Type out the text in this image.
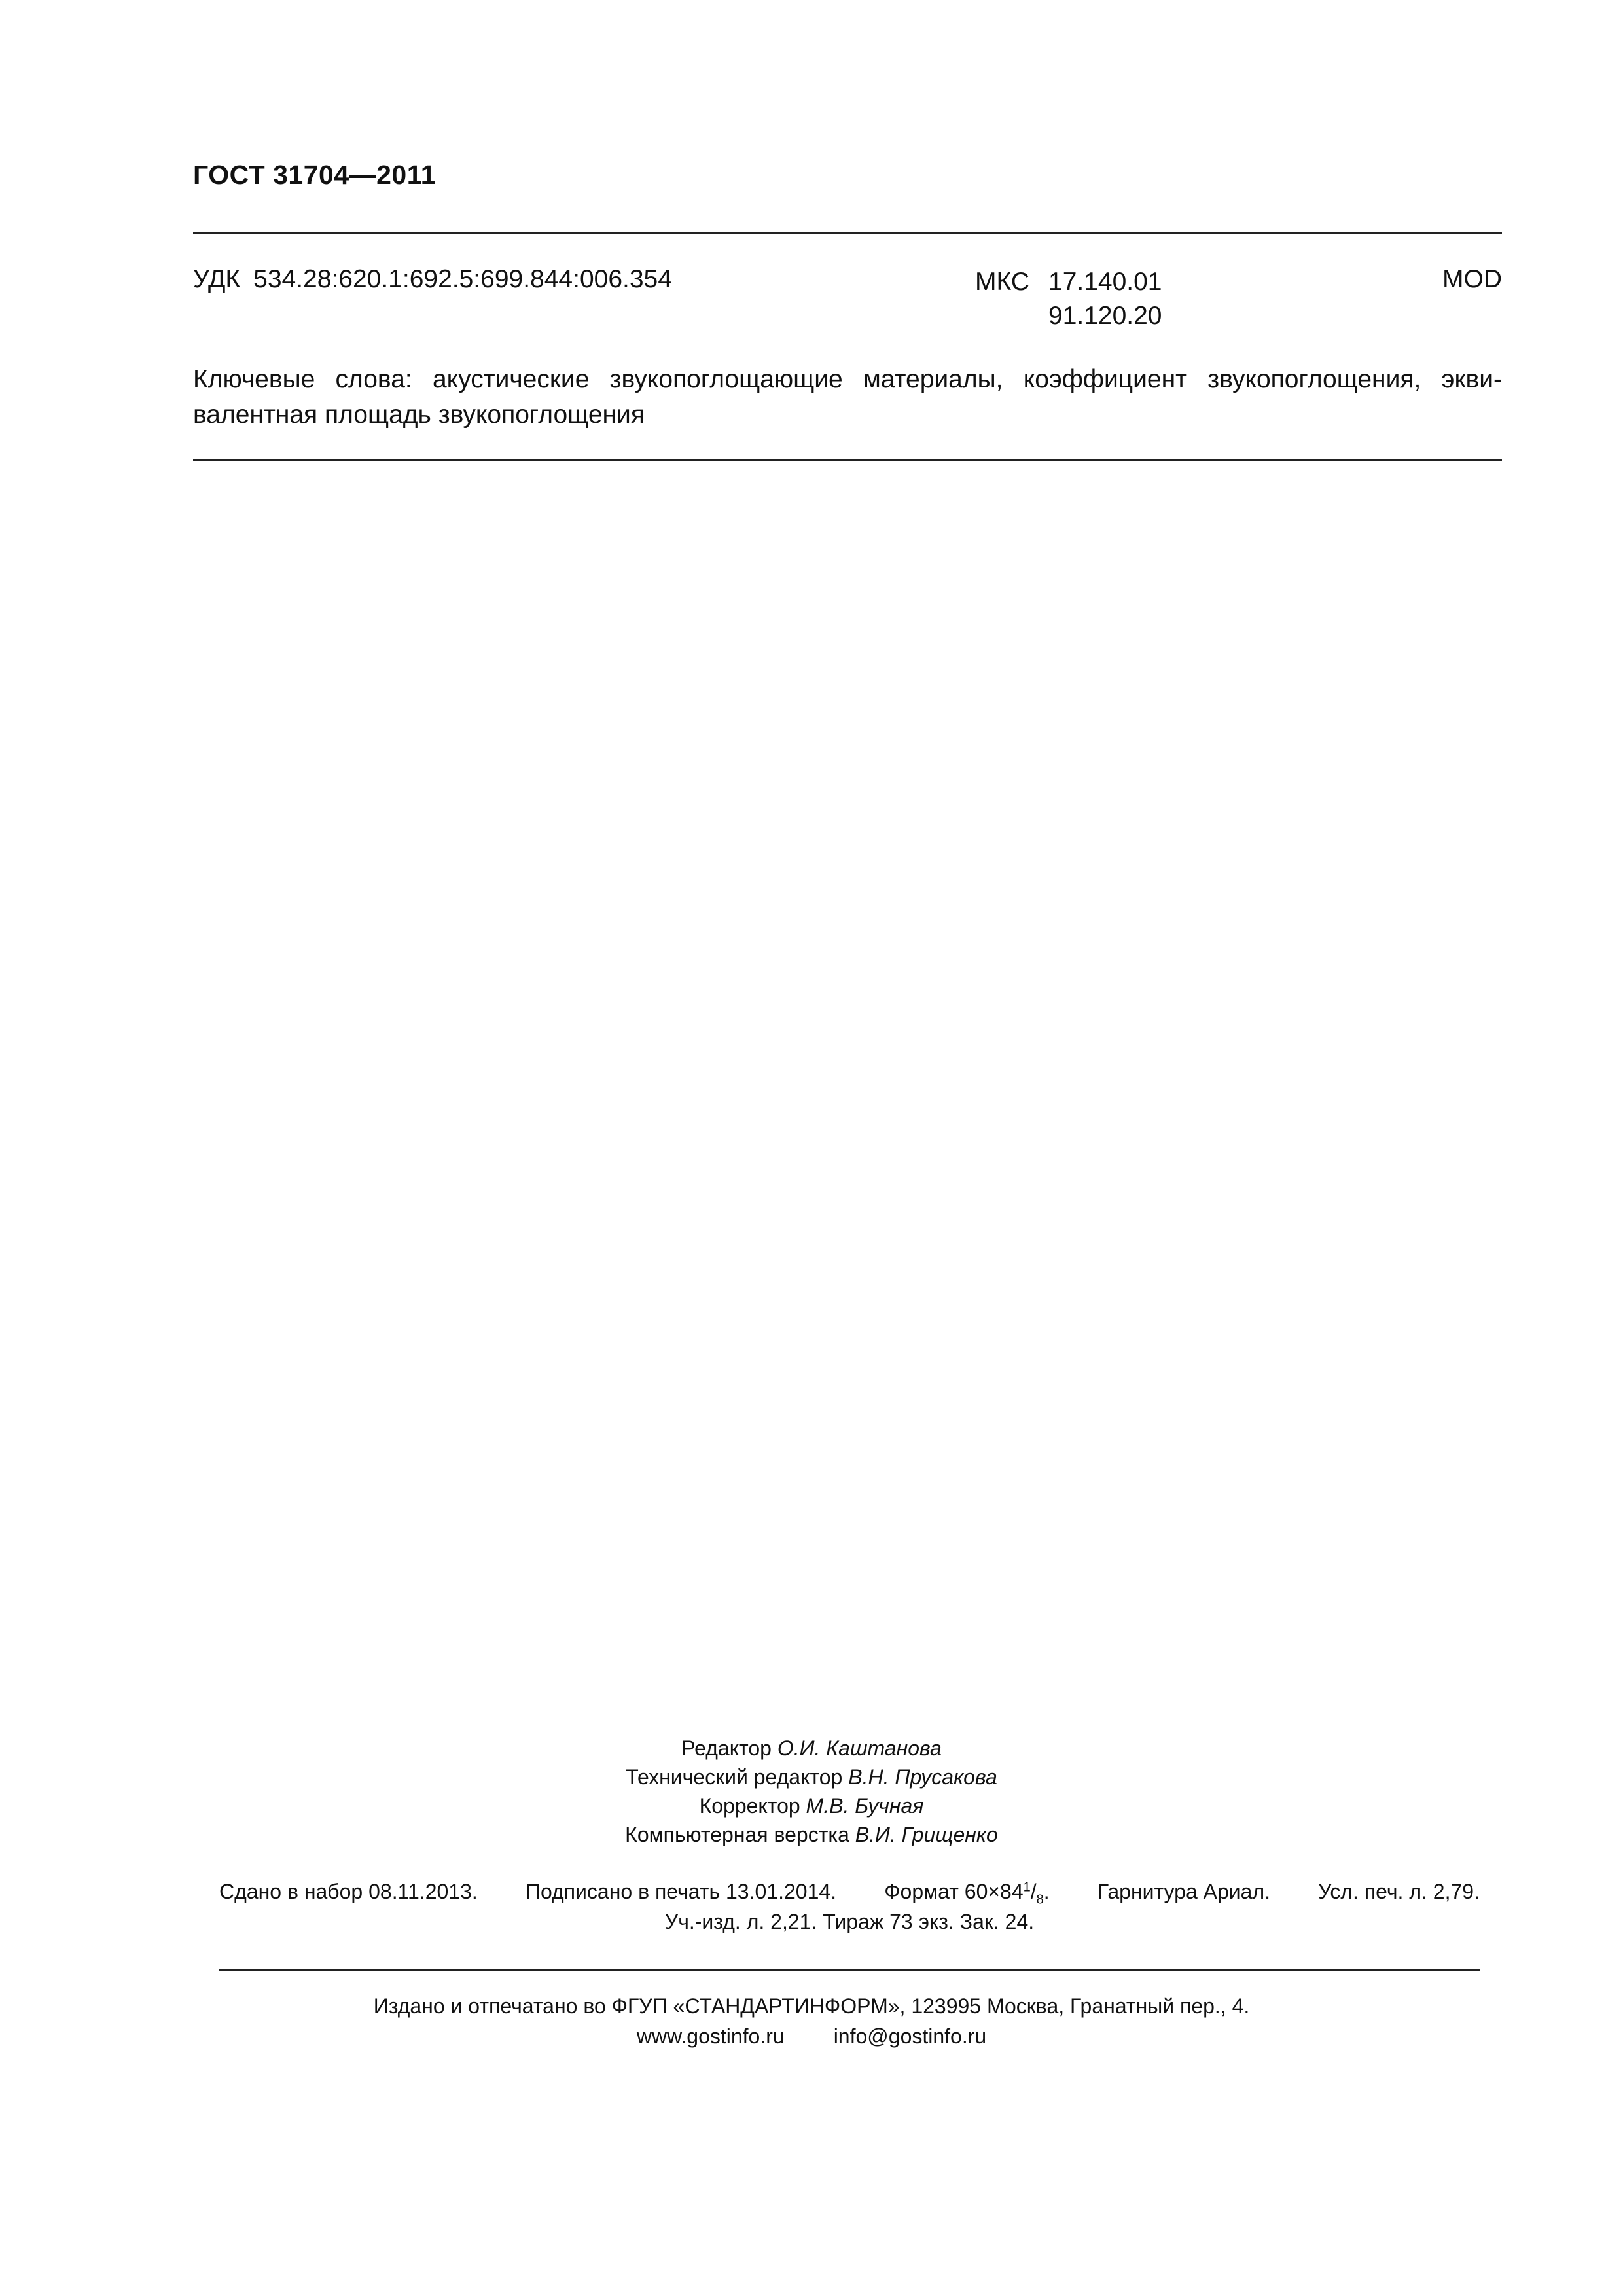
ГОСТ 31704—2011
УДК 534.28:620.1:692.5:699.844:006.354	МКС 17.140.01
91.120.20
MOD
Ключевые слова: акустические звукопоглощающие материалы, коэффициент звукопоглощения, экви-
валентная площадь звукопоглощения
Редактор О.И. Каштанова
Технический редактор В.Н. Прусакова
Корректор М.В. Бучная
Компьютерная верстка В.И. Грищенко
Сдано в набор 08.11.2013. Подписано в печать 13.01.2014. Формат $60\times 84^1/_8$. Гарнитура Ариал. Усл. печ. л. 2,79.
Уч.-изд. л. 2,21. Тираж 73 экз. Зак. 24.
Издано и отпечатано во ФГУП «СТАНДАРТИНФОРМ», 123995 Москва, Гранатный пер., 4.
www.gostinfo.ru info@gostinfo.ru
